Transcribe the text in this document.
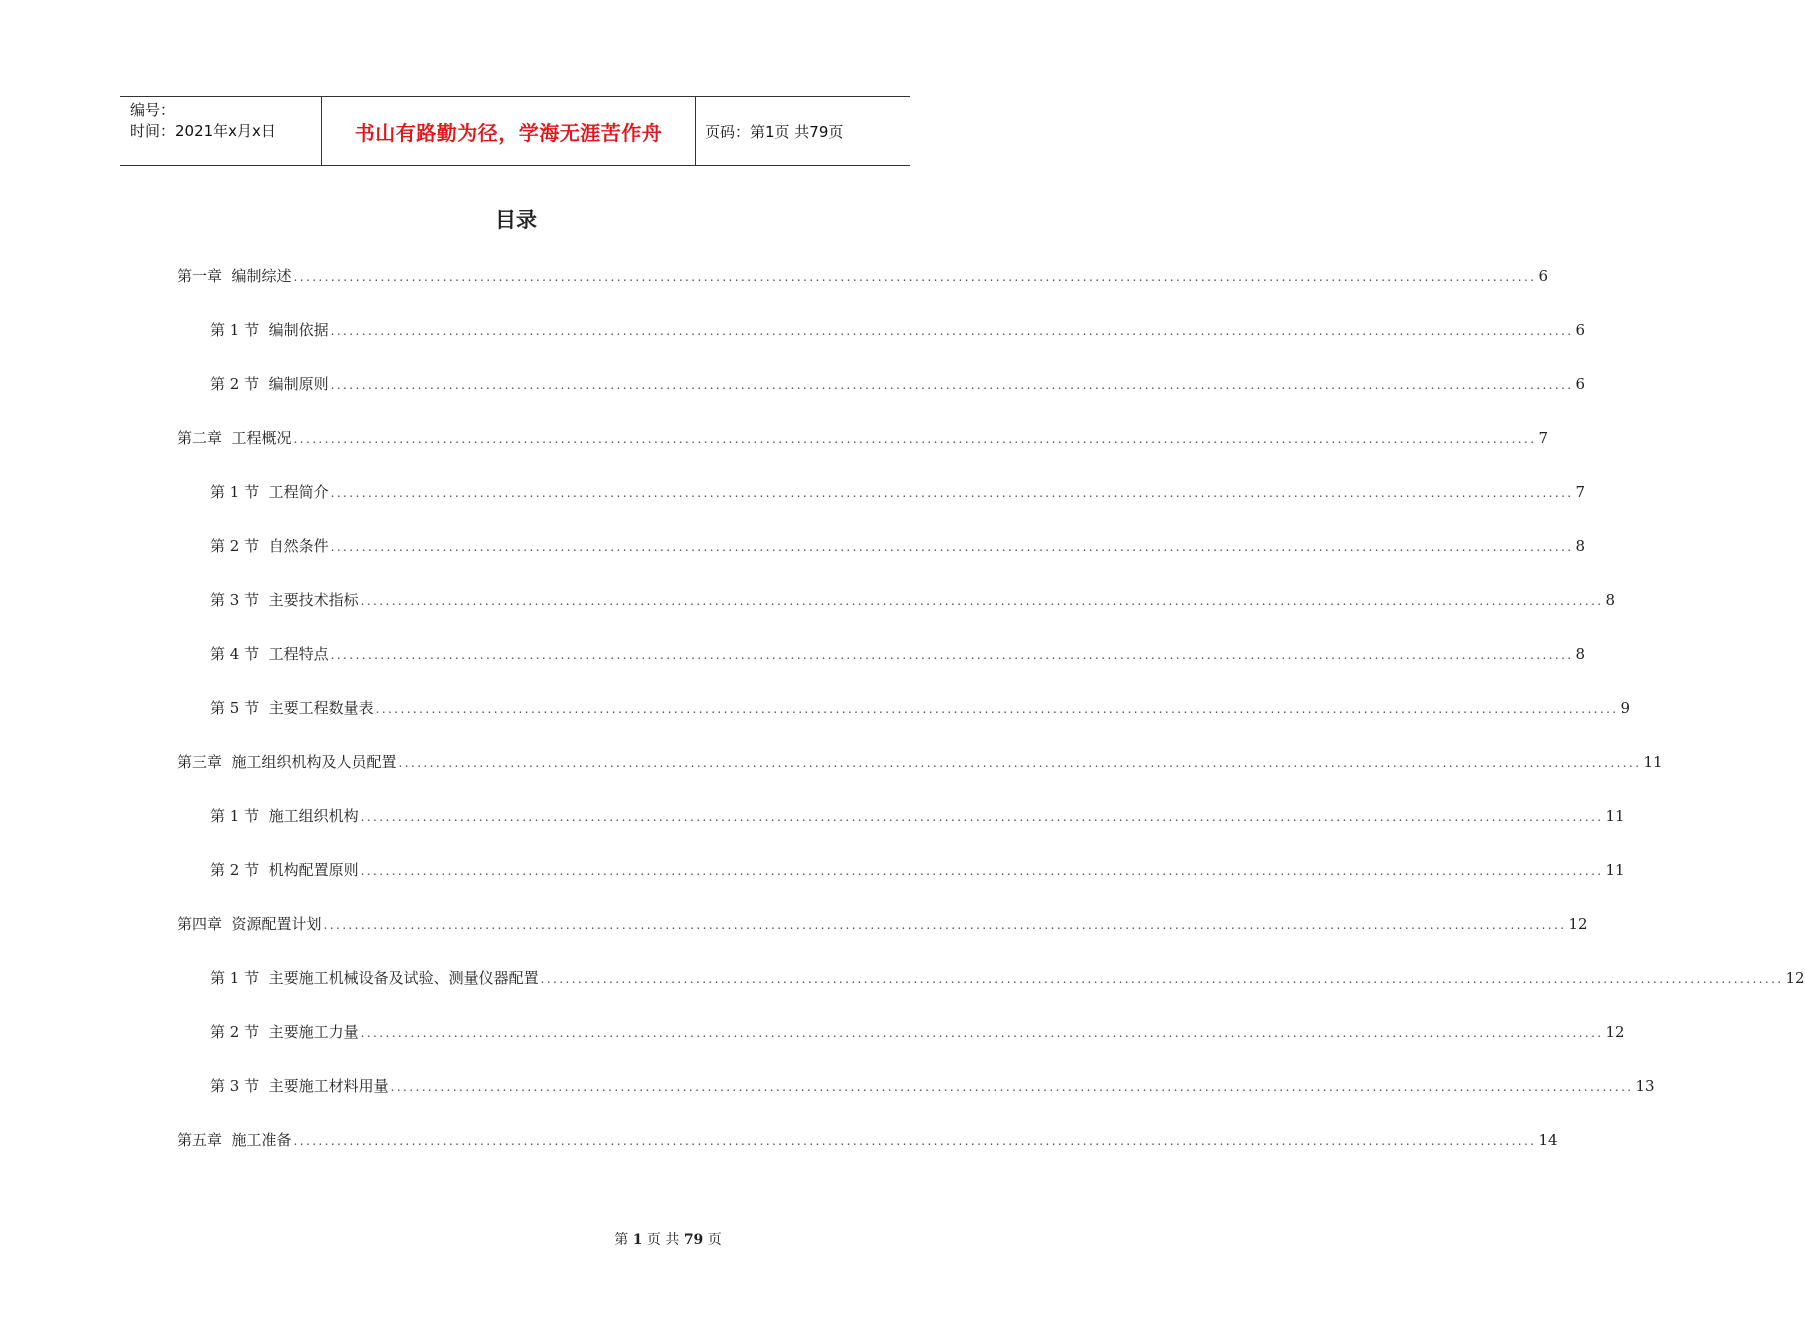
编号：
时间：2021年x月x日	书山有路勤为径，学海无涯苦作舟	页码：第1页 共79页
目录
第一章  编制综述 ........................................................................................................................................................................................................ 6
第 1 节  编制依据 ........................................................................................................................................................................................................ 6
第 2 节  编制原则 ........................................................................................................................................................................................................ 6
第二章  工程概况 ........................................................................................................................................................................................................ 7
第 1 节  工程简介 ........................................................................................................................................................................................................ 7
第 2 节  自然条件 ........................................................................................................................................................................................................ 8
第 3 节  主要技术指标 ........................................................................................................................................................................................................ 8
第 4 节  工程特点 ........................................................................................................................................................................................................ 8
第 5 节  主要工程数量表 ........................................................................................................................................................................................................ 9
第三章  施工组织机构及人员配置 ........................................................................................................................................................................................................ 11
第 1 节  施工组织机构 ........................................................................................................................................................................................................ 11
第 2 节  机构配置原则 ........................................................................................................................................................................................................ 11
第四章  资源配置计划 ........................................................................................................................................................................................................ 12
第 1 节  主要施工机械设备及试验、测量仪器配置 ........................................................................................................................................................................................................ 12
第 2 节  主要施工力量 ........................................................................................................................................................................................................ 12
第 3 节  主要施工材料用量 ........................................................................................................................................................................................................ 13
第五章  施工准备 ........................................................................................................................................................................................................ 14
第 1 页 共 79 页
